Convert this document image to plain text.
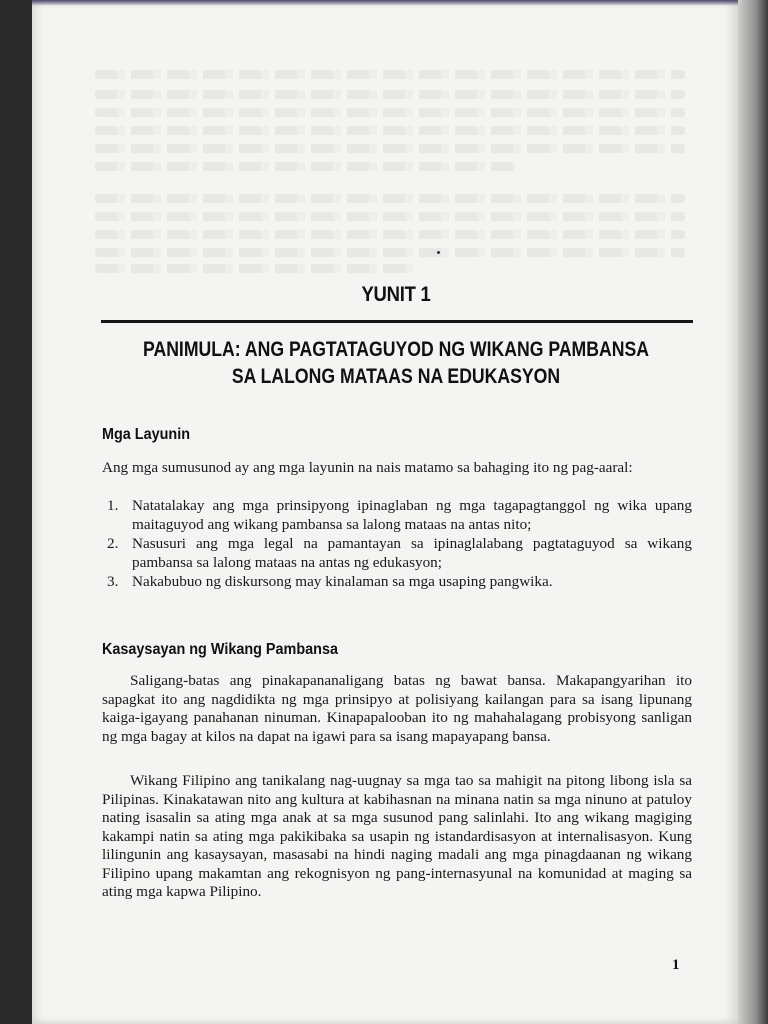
YUNIT 1
PANIMULA: ANG PAGTATAGUYOD NG WIKANG PAMBANSA
SA LALONG MATAAS NA EDUKASYON
Mga Layunin

Ang mga sumusunod ay ang mga layunin na nais matamo sa bahaging ito ng pag-aaral:

1. Natatalakay ang mga prinsipyong ipinaglaban ng mga tagapagtanggol ng wika upang maitaguyod ang wikang pambansa sa lalong mataas na antas nito;
2. Nasusuri ang mga legal na pamantayan sa ipinaglalabang pagtataguyod sa wikang pambansa sa lalong mataas na antas ng edukasyon;
3. Nakabubuo ng diskursong may kinalaman sa mga usaping pangwika.
Kasaysayan ng Wikang Pambansa

Saligang-batas ang pinakapananaligang batas ng bawat bansa. Makapangyarihan ito sapagkat ito ang nagdidikta ng mga prinsipyo at polisiyang kailangan para sa isang lipunang kaiga-igayang panahanan ninuman. Kinapapalooban ito ng mahahalagang probisyong sanligan ng mga bagay at kilos na dapat na igawi para sa isang mapayapang bansa.

Wikang Filipino ang tanikalang nag-uugnay sa mga tao sa mahigit na pitong libong isla sa Pilipinas. Kinakatawan nito ang kultura at kabihasnan na minana natin sa mga ninuno at patuloy nating isasalin sa ating mga anak at sa mga susunod pang salinlahi. Ito ang wikang magiging kakampi natin sa ating mga pakikibaka sa usapin ng istandardisasyon at internalisasyon. Kung lilingunin ang kasaysayan, masasabi na hindi naging madali ang mga pinagdaanan ng wikang Filipino upang makamtan ang rekognisyon ng pang-internasyunal na komunidad at maging sa ating mga kapwa Pilipino.

1
